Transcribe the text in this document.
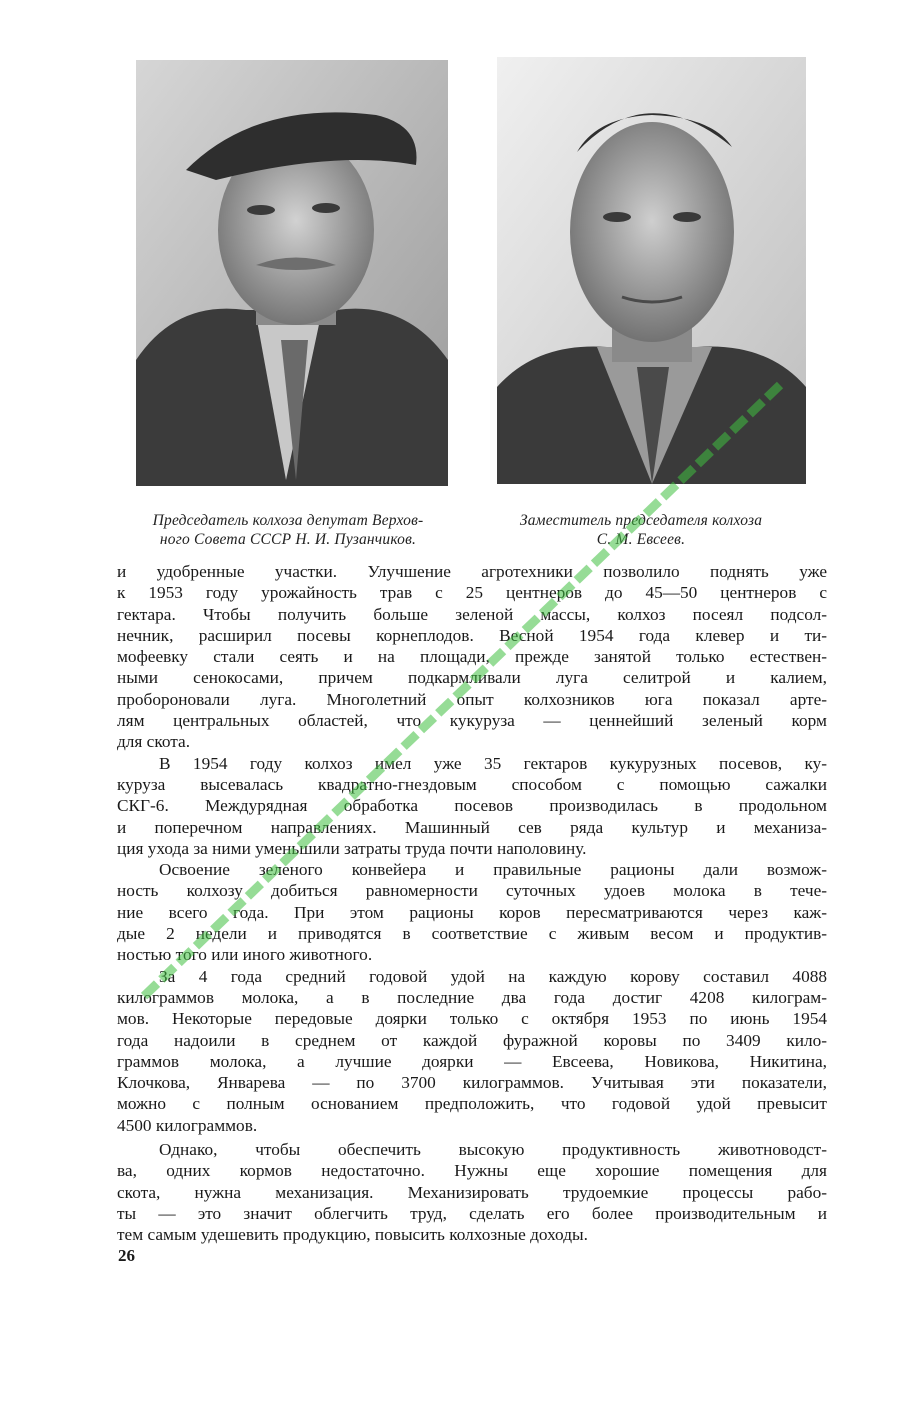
Председатель колхоза депутат Верхов-
ного Совета СССР Н. И. Пузанчиков.
Заместитель председателя колхоза
С. М. Евсеев.

и удобренные участки. Улучшение агротехники позволило поднять уже
к 1953 году урожайность трав с 25 центнеров до 45—50 центнеров с
гектара. Чтобы получить больше зеленой массы, колхоз посеял подсол-
нечник, расширил посевы корнеплодов. Весной 1954 года клевер и ти-
мофеевку стали сеять и на площади, прежде занятой только естествен-
ными сенокосами, причем подкармливали луга селитрой и калием,
пробороновали луга. Многолетний опыт колхозников юга показал арте-
лям центральных областей, что кукуруза — ценнейший зеленый корм
для скота.

В 1954 году колхоз имел уже 35 гектаров кукурузных посевов, ку-
куруза высевалась квадратно-гнездовым способом с помощью сажалки
СКГ-6. Междурядная обработка посевов производилась в продольном
и поперечном направлениях. Машинный сев ряда культур и механиза-
ция ухода за ними уменьшили затраты труда почти наполовину.

Освоение зеленого конвейера и правильные рационы дали возмож-
ность колхозу добиться равномерности суточных удоев молока в тече-
ние всего года. При этом рационы коров пересматриваются через каж-
дые 2 недели и приводятся в соответствие с живым весом и продуктив-
ностью того или иного животного.

За 4 года средний годовой удой на каждую корову составил 4088
килограммов молока, а в последние два года достиг 4208 килограм-
мов. Некоторые передовые доярки только с октября 1953 по июнь 1954
года надоили в среднем от каждой фуражной коровы по 3409 кило-
граммов молока, а лучшие доярки — Евсеева, Новикова, Никитина,
Клочкова, Январева — по 3700 килограммов. Учитывая эти показатели,
можно с полным основанием предположить, что годовой удой превысит
4500 килограммов.

Однако, чтобы обеспечить высокую продуктивность животноводст-
ва, одних кормов недостаточно. Нужны еще хорошие помещения для
скота, нужна механизация. Механизировать трудоемкие процессы рабо-
ты — это значит облегчить труд, сделать его более производительным и
тем самым удешевить продукцию, повысить колхозные доходы.

26
